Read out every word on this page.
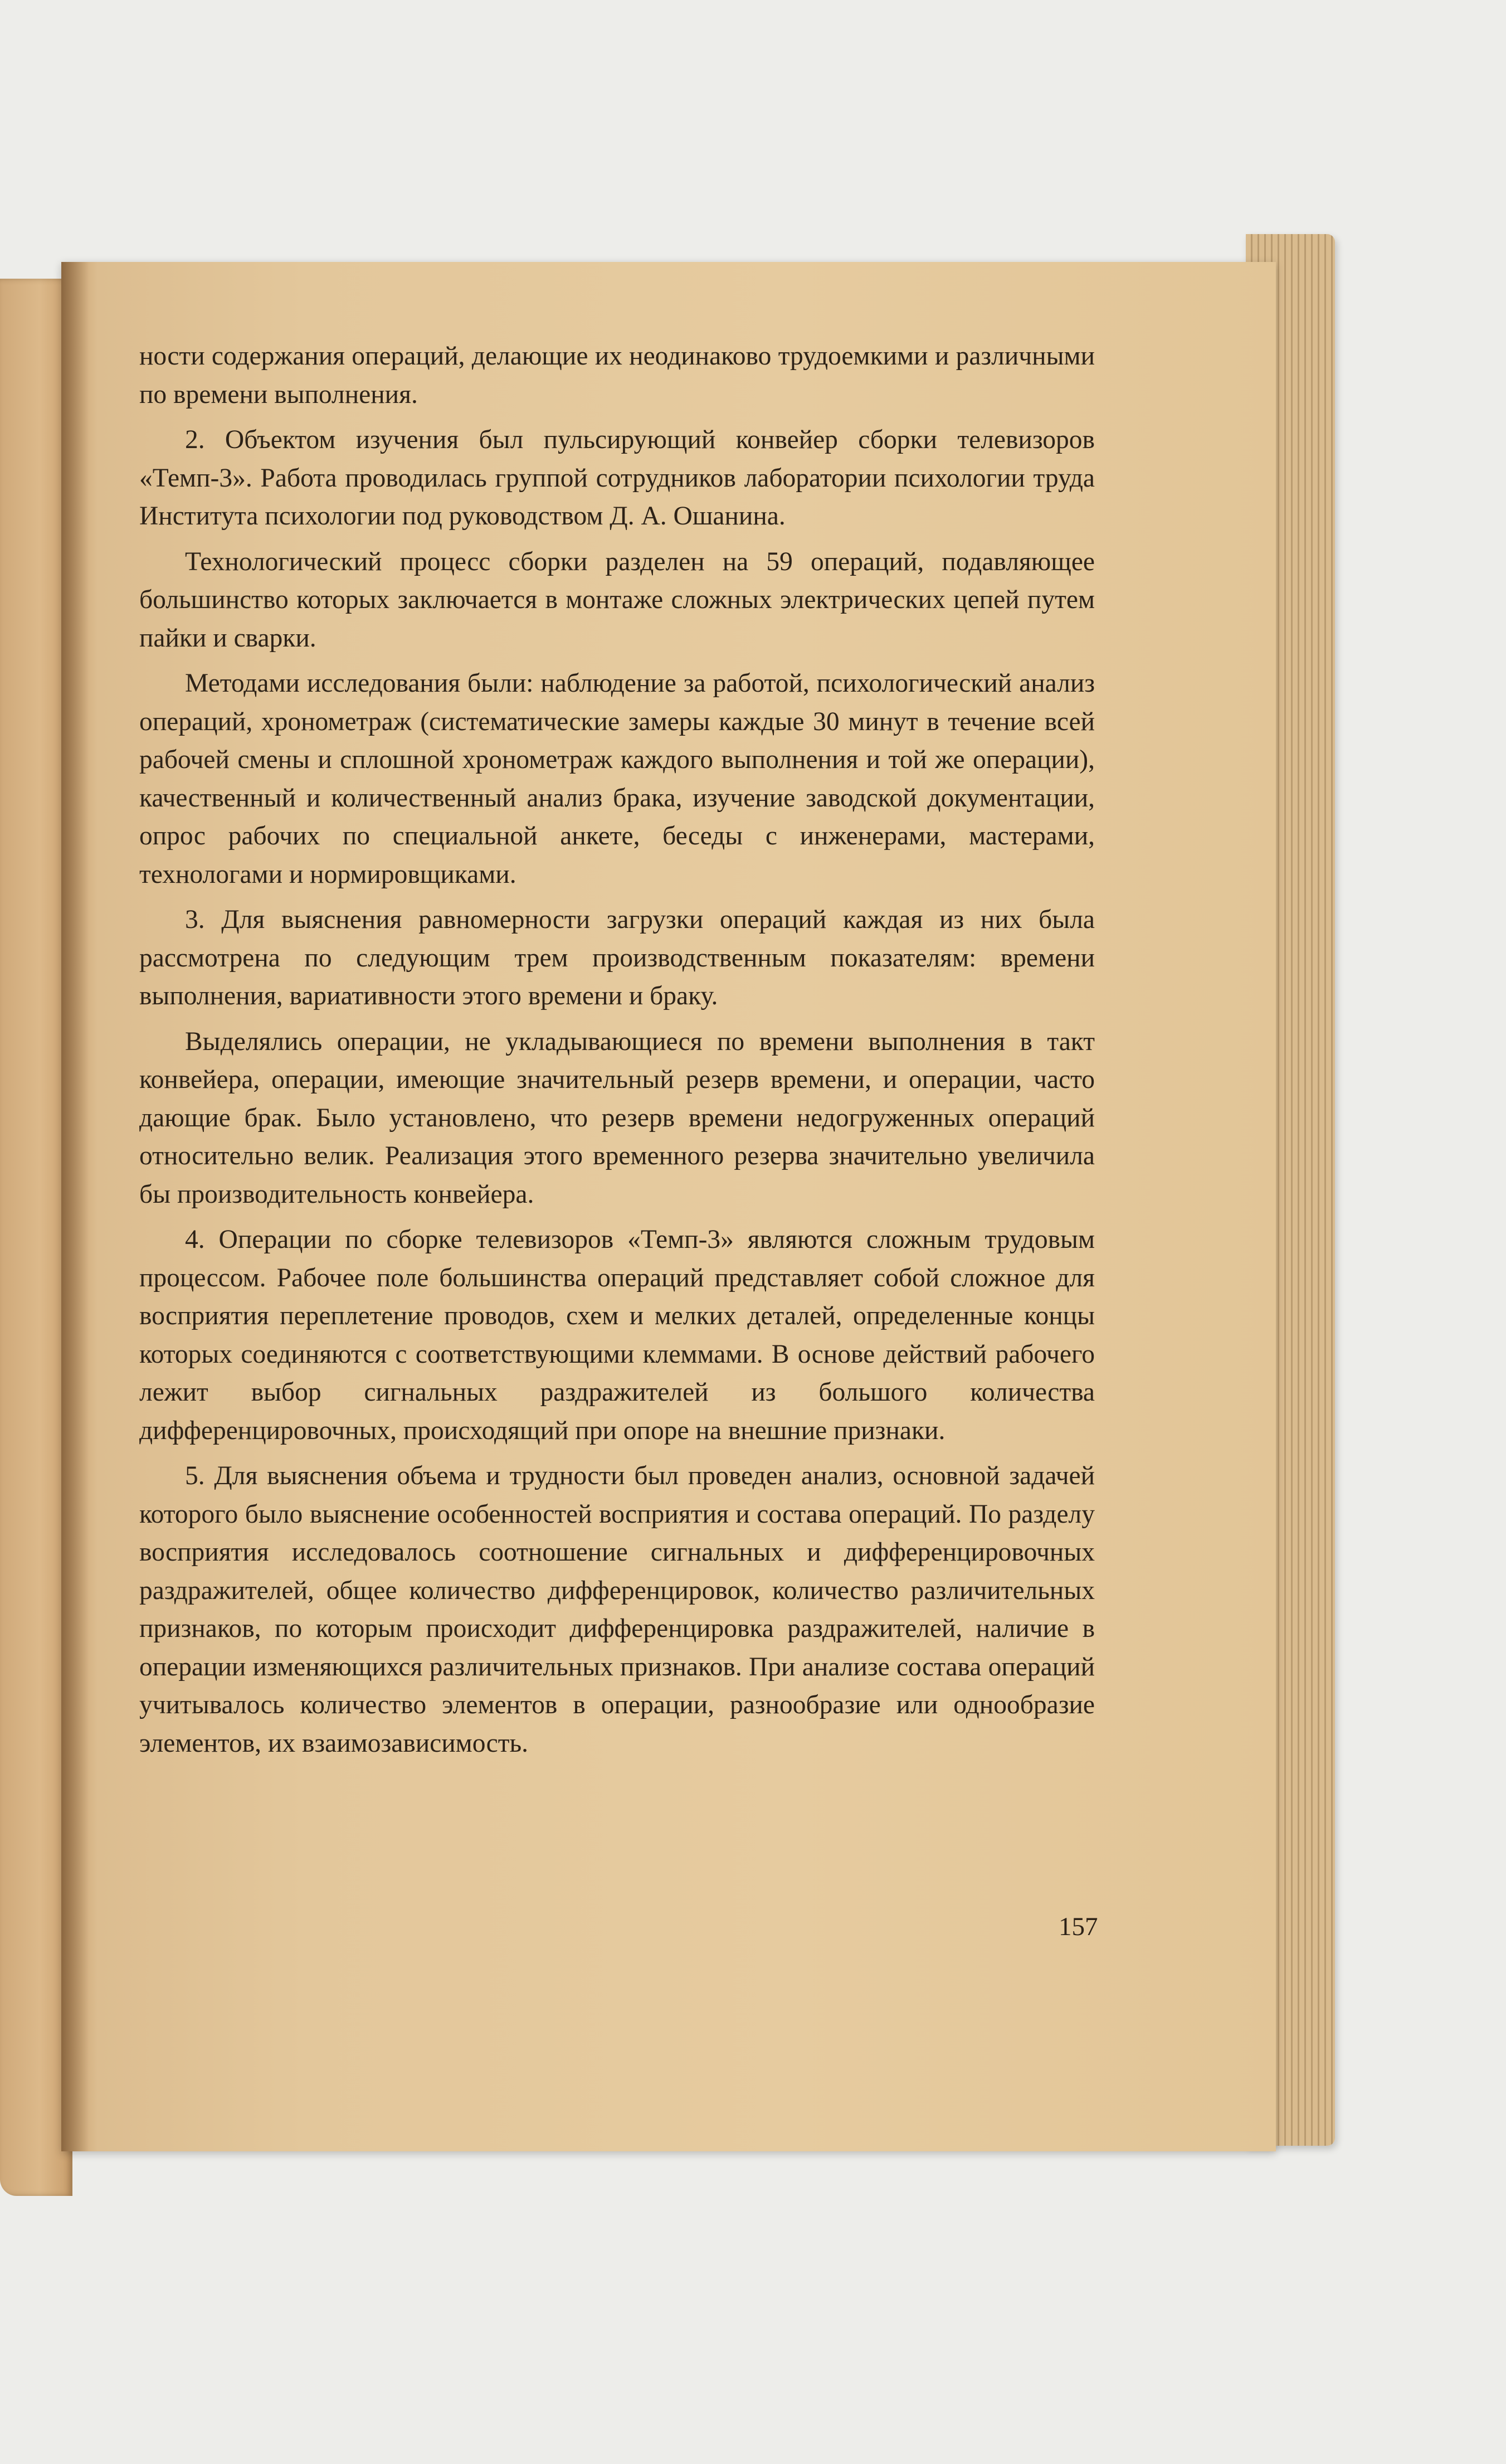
ности содержания операций, делающие их неодинаково трудоемкими и различными по времени выполнения.

2. Объектом изучения был пульсирующий конвейер сборки телевизоров «Темп-3». Работа проводилась группой сотрудников лаборатории психологии труда Института психологии под руководством Д. А. Ошанина.

Технологический процесс сборки разделен на 59 операций, подавляющее большинство которых заключается в монтаже сложных электрических цепей путем пайки и сварки.

Методами исследования были: наблюдение за работой, психологический анализ операций, хронометраж (систематические замеры каждые 30 минут в течение всей рабочей смены и сплошной хронометраж каждого выполнения и той же операции), качественный и количественный анализ брака, изучение заводской документации, опрос рабочих по специальной анкете, беседы с инженерами, мастерами, технологами и нормировщиками.

3. Для выяснения равномерности загрузки операций каждая из них была рассмотрена по следующим трем производственным показателям: времени выполнения, вариативности этого времени и браку.

Выделялись операции, не укладывающиеся по времени выполнения в такт конвейера, операции, имеющие значительный резерв времени, и операции, часто дающие брак. Было установлено, что резерв времени недогруженных операций относительно велик. Реализация этого временного резерва значительно увеличила бы производительность конвейера.

4. Операции по сборке телевизоров «Темп-3» являются сложным трудовым процессом. Рабочее поле большинства операций представляет собой сложное для восприятия переплетение проводов, схем и мелких деталей, определенные концы которых соединяются с соответствующими клеммами. В основе действий рабочего лежит выбор сигнальных раздражителей из большого количества дифференцировочных, происходящий при опоре на внешние признаки.

5. Для выяснения объема и трудности был проведен анализ, основной задачей которого было выяснение особенностей восприятия и состава операций. По разделу восприятия исследовалось соотношение сигнальных и дифференцировочных раздражителей, общее количество дифференцировок, количество различительных признаков, по которым происходит дифференцировка раздражителей, наличие в операции изменяющихся различительных признаков. При анализе состава операций учитывалось количество элементов в операции, разнообразие или однообразие элементов, их взаимозависимость.

157
